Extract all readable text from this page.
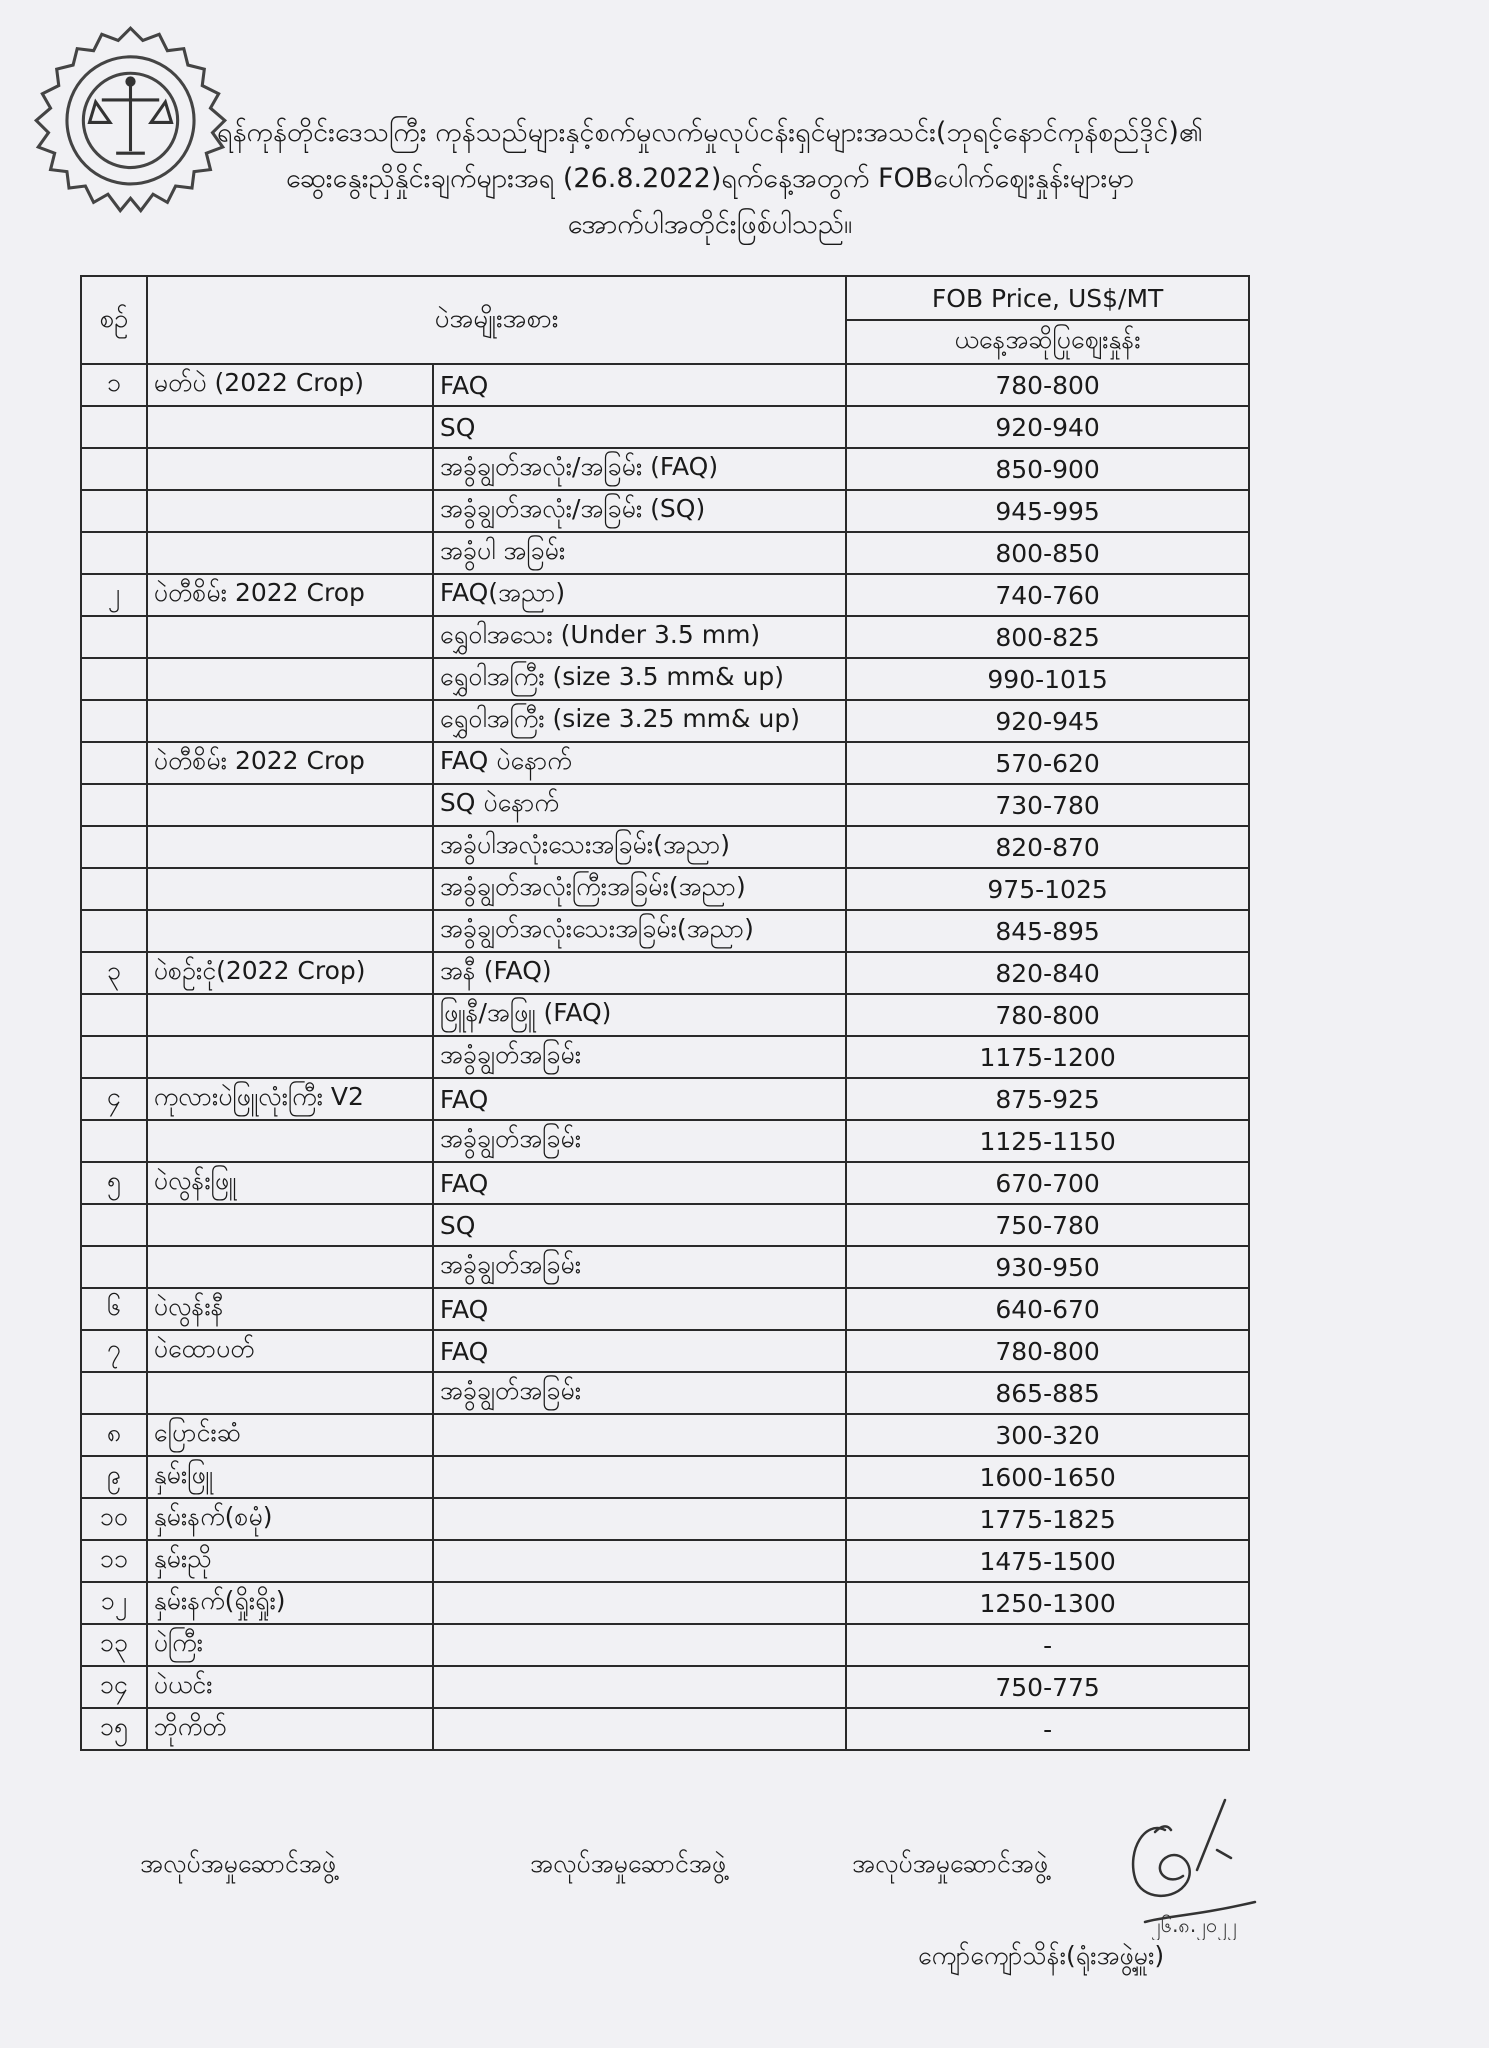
ရန်ကုန်တိုင်းဒေသကြီး ကုန်သည်များနှင့်စက်မှုလက်မှုလုပ်ငန်းရှင်များအသင်း(ဘုရင့်နောင်ကုန်စည်ဒိုင်)၏
ဆွေးနွေးညှိနှိုင်းချက်များအရ (26.8.2022)ရက်နေ့အတွက် FOBပေါက်ဈေးနှုန်းများမှာ
အောက်ပါအတိုင်းဖြစ်ပါသည်။
စဉ်	ပဲအမျိုးအစား		FOB Price, US$/MT
			ယနေ့အဆိုပြုဈေးနှုန်း
၁	မတ်ပဲ (2022 Crop)	FAQ	780-800
		SQ	920-940
		အခွံချွတ်အလုံး/အခြမ်း (FAQ)	850-900
		အခွံချွတ်အလုံး/အခြမ်း (SQ)	945-995
		အခွံပါ အခြမ်း	800-850
၂	ပဲတီစိမ်း 2022 Crop	FAQ(အညာ)	740-760
		ရွှေဝါအသေး (Under 3.5 mm)	800-825
		ရွှေဝါအကြီး (size 3.5 mm& up)	990-1015
		ရွှေဝါအကြီး (size 3.25 mm& up)	920-945
	ပဲတီစိမ်း 2022 Crop	FAQ ပဲနောက်	570-620
		SQ ပဲနောက်	730-780
		အခွံပါအလုံးသေးအခြမ်း(အညာ)	820-870
		အခွံချွတ်အလုံးကြီးအခြမ်း(အညာ)	975-1025
		အခွံချွတ်အလုံးသေးအခြမ်း(အညာ)	845-895
၃	ပဲစဉ်းငုံ(2022 Crop)	အနီ (FAQ)	820-840
		ဖြူနီ/အဖြူ (FAQ)	780-800
		အခွံချွတ်အခြမ်း	1175-1200
၄	ကုလားပဲဖြူလုံးကြီး V2	FAQ	875-925
		အခွံချွတ်အခြမ်း	1125-1150
၅	ပဲလွန်းဖြူ	FAQ	670-700
		SQ	750-780
		အခွံချွတ်အခြမ်း	930-950
၆	ပဲလွန်းနီ	FAQ	640-670
၇	ပဲထောပတ်	FAQ	780-800
		အခွံချွတ်အခြမ်း	865-885
၈	ပြောင်းဆံ		300-320
၉	နှမ်းဖြူ		1600-1650
၁၀	နှမ်းနက်(စမုံ)		1775-1825
၁၁	နှမ်းညို		1475-1500
၁၂	နှမ်းနက်(ရှိုးရှိုး)		1250-1300
၁၃	ပဲကြီး		-
၁၄	ပဲယင်း		750-775
၁၅	ဘိုကိတ်		-
အလုပ်အမှုဆောင်အဖွဲ့	အလုပ်အမှုဆောင်အဖွဲ့	အလုပ်အမှုဆောင်အဖွဲ့
၂၆.၈.၂၀၂၂
ကျော်ကျော်သိန်း(ရုံးအဖွဲ့မှူး)
